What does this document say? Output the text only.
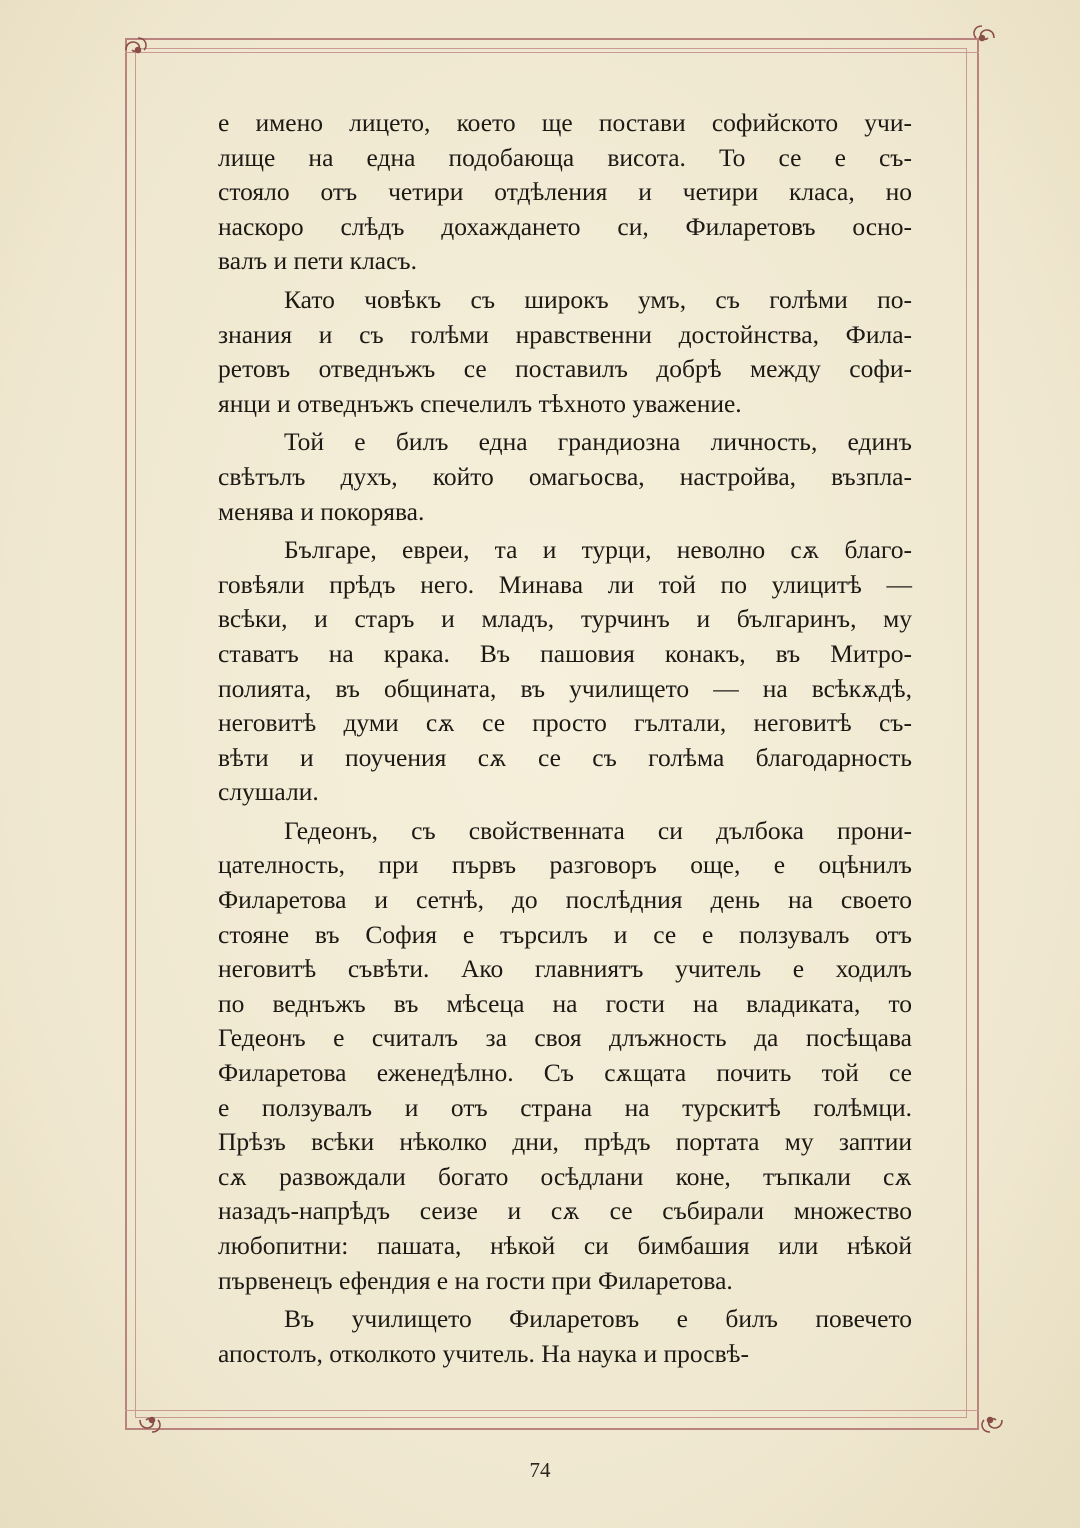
е имено лицето, което ще постави софийското учи-
лище на една подобающа висота. То се е съ-
стояло отъ четири отдѣления и четири класа, но
наскоро слѣдъ дохаждането си, Филаретовъ осно-
валъ и пети класъ.

Като човѣкъ съ широкъ умъ, съ голѣми по-
знания и съ голѣми нравственни достойнства, Фила-
ретовъ отведнъжъ се поставилъ добрѣ между софи-
янци и отведнъжъ спечелилъ тѣхното уважение.

Той е билъ една грандиозна личность, единъ
свѣтълъ духъ, който омагьосва, настройва, възпла-
менява и покорява.

Българе, евреи, та и турци, неволно сѫ благо-
говѣяли прѣдъ него. Минава ли той по улицитѣ —
всѣки, и старъ и младъ, турчинъ и българинъ, му
ставатъ на крака. Въ пашовия конакъ, въ Митро-
полията, въ общината, въ училището — на всѣкѫдѣ,
неговитѣ думи сѫ се просто гълтали, неговитѣ съ-
вѣти и поучения сѫ се съ голѣма благодарность
слушали.

Гедеонъ, съ свойственната си дълбока прони-
цателность, при първъ разговоръ още, е оцѣнилъ
Филаретова и сетнѣ, до послѣдния день на своето
стояне въ София е търсилъ и се е ползувалъ отъ
неговитѣ съвѣти. Ако главниятъ учитель е ходилъ
по веднъжъ въ мѣсеца на гости на владиката, то
Гедеонъ е считалъ за своя длъжность да посѣщава
Филаретова еженедѣлно. Съ сѫщата почить той се
е ползувалъ и отъ страна на турскитѣ голѣмци.
Прѣзъ всѣки нѣколко дни, прѣдъ портата му заптии
сѫ развождали богато осѣдлани коне, тъпкали сѫ
назадъ-напрѣдъ сеизе и сѫ се събирали множество
любопитни: пашата, нѣкой си бимбашия или нѣкой
първенецъ ефендия е на гости при Филаретова.

Въ училището Филаретовъ е билъ повечето
апостолъ, отколкото учитель. На наука и просвѣ-

74
